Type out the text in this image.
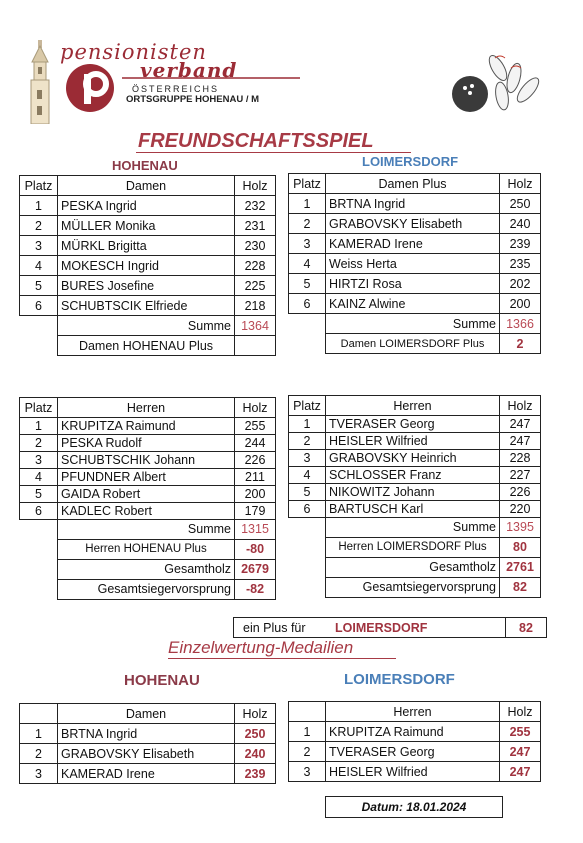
pensionisten
verband
ÖSTERREICHS
ORTSGRUPPE HOHENAU / M
FREUNDSCHAFTSSPIEL
HOHENAU	LOIMERSDORF
Platz	Damen	Holz
1	PESKA Ingrid	232
2	MÜLLER Monika	231
3	MÜRKL Brigitta	230
4	MOKESCH Ingrid	228
5	BURES Josefine	225
6	SCHUBTSCIK Elfriede	218
	Summe	1364
	Damen HOHENAU Plus	
Platz	Damen Plus	Holz
1	BRTNA Ingrid	250
2	GRABOVSKY Elisabeth	240
3	KAMERAD Irene	239
4	Weiss Herta	235
5	HIRTZI Rosa	202
6	KAINZ Alwine	200
	Summe	1366
	Damen LOIMERSDORF Plus	2
Platz	Herren	Holz
1	KRUPITZA Raimund	255
2	PESKA Rudolf	244
3	SCHUBTSCHIK Johann	226
4	PFUNDNER Albert	211
5	GAIDA Robert	200
6	KADLEC Robert	179
	Summe	1315
	Herren HOHENAU Plus	-80
	Gesamtholz	2679
	Gesamtsiegervorsprung	-82
Platz	Herren	Holz
1	TVERASER Georg	247
2	HEISLER Wilfried	247
3	GRABOVSKY Heinrich	228
4	SCHLOSSER Franz	227
5	NIKOWITZ Johann	226
6	BARTUSCH Karl	220
	Summe	1395
	Herren LOIMERSDORF Plus	80
	Gesamtholz	2761
	Gesamtsiegervorsprung	82
ein Plus für LOIMERSDORF	82
Einzelwertung-Medailien
HOHENAU	LOIMERSDORF
	Damen	Holz
1	BRTNA Ingrid	250
2	GRABOVSKY Elisabeth	240
3	KAMERAD Irene	239
	Herren	Holz
1	KRUPITZA Raimund	255
2	TVERASER Georg	247
3	HEISLER Wilfried	247
Datum: 18.01.2024
